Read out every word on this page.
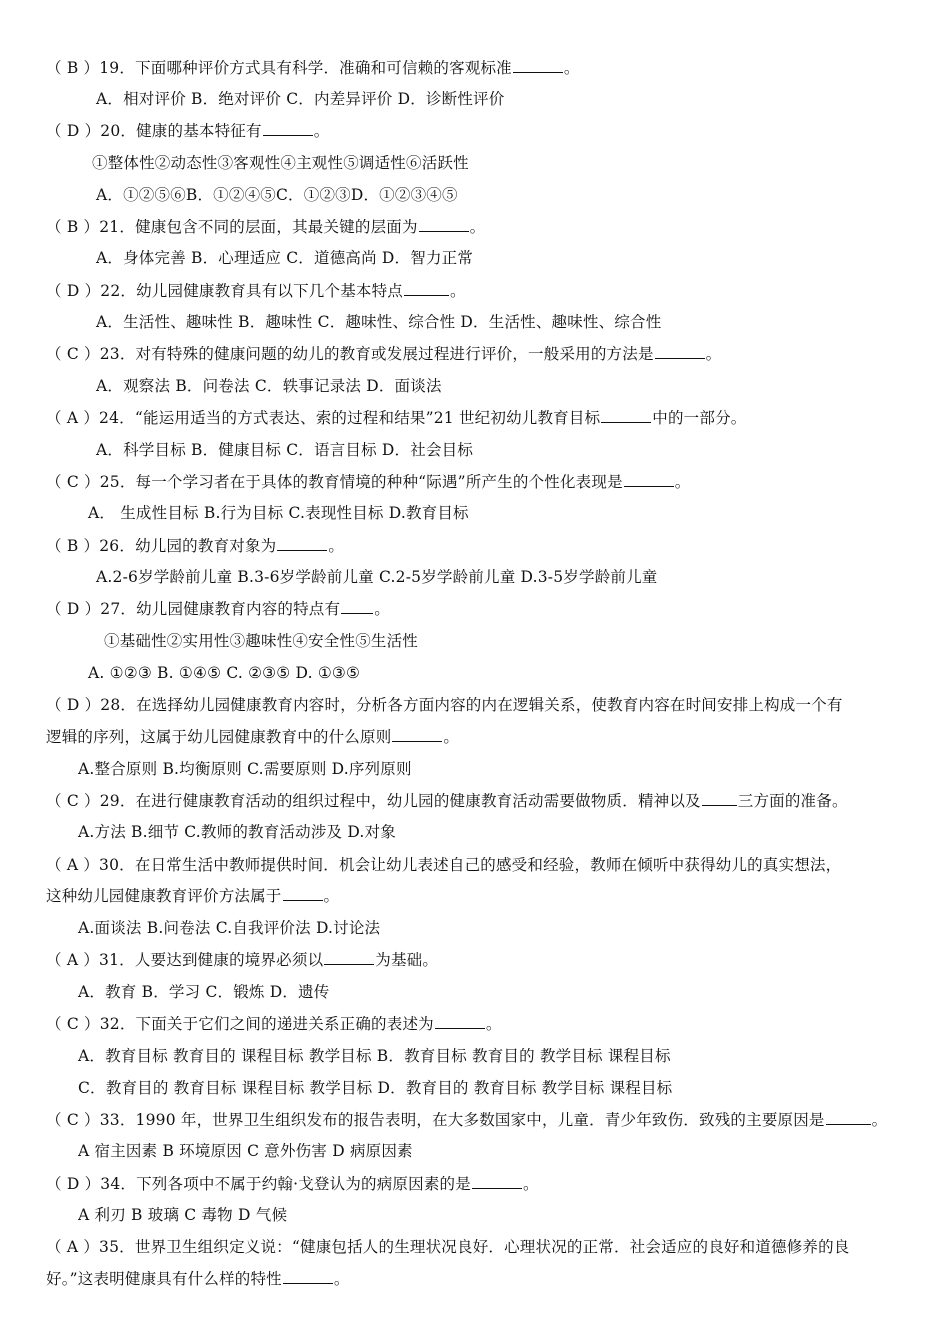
（ B ）19．下面哪种评价方式具有科学．准确和可信赖的客观标准	。
A．相对评价 B．绝对评价 C．内差异评价 D．诊断性评价
（ D ）20．健康的基本特征有	。
①整体性②动态性③客观性④主观性⑤调适性⑥活跃性
A．①②⑤⑥B．①②④⑤C．①②③D．①②③④⑤
（ B ）21．健康包含不同的层面，其最关键的层面为	。
A．身体完善 B．心理适应 C．道德高尚 D．智力正常
（ D ）22．幼儿园健康教育具有以下几个基本特点	。
A．生活性、趣味性 B．趣味性 C．趣味性、综合性 D．生活性、趣味性、综合性
（ C ）23．对有特殊的健康问题的幼儿的教育或发展过程进行评价，一般采用的方法是	。
A．观察法 B．问卷法 C．轶事记录法 D．面谈法
（ A ）24．“能运用适当的方式表达、索的过程和结果”21 世纪初幼儿教育目标	中的一部分。
A．科学目标 B．健康目标 C．语言目标 D．社会目标
（ C ）25．每一个学习者在于具体的教育情境的种种“际遇”所产生的个性化表现是	。
A． 生成性目标 B.行为目标 C.表现性目标 D.教育目标
（ B ）26．幼儿园的教育对象为	。
A.2-6岁学龄前儿童 B.3-6岁学龄前儿童 C.2-5岁学龄前儿童 D.3-5岁学龄前儿童
（ D ）27．幼儿园健康教育内容的特点有 。
①基础性②实用性③趣味性④安全性⑤生活性
A. ①②③ B. ①④⑤ C. ②③⑤ D. ①③⑤
（ D ）28．在选择幼儿园健康教育内容时，分析各方面内容的内在逻辑关系，使教育内容在时间安排上构成一个有
逻辑的序列，这属于幼儿园健康教育中的什么原则	。
A.整合原则 B.均衡原则 C.需要原则 D.序列原则
（ C ）29．在进行健康教育活动的组织过程中，幼儿园的健康教育活动需要做物质．精神以及 三方面的准备。
A.方法 B.细节 C.教师的教育活动涉及 D.对象
（ A ）30．在日常生活中教师提供时间．机会让幼儿表述自己的感受和经验，教师在倾听中获得幼儿的真实想法，
这种幼儿园健康教育评价方法属于	。
A.面谈法 B.问卷法 C.自我评价法 D.讨论法
（ A ）31．人要达到健康的境界必须以	为基础。
A．教育 B．学习 C．锻炼 D．遗传
（ C ）32．下面关于它们之间的递进关系正确的表述为	。
A．教育目标 教育目的 课程目标 教学目标 B．教育目标 教育目的 教学目标 课程目标
C．教育目的 教育目标 课程目标 教学目标 D．教育目的 教育目标 教学目标 课程目标
（ C ）33．1990 年，世界卫生组织发布的报告表明，在大多数国家中，儿童．青少年致伤．致残的主要原因是	。
A 宿主因素 B 环境原因 C 意外伤害 D 病原因素
（ D ）34．下列各项中不属于约翰·戈登认为的病原因素的是	。
A 利刃 B 玻璃 C 毒物 D 气候
（ A ）35．世界卫生组织定义说：“健康包括人的生理状况良好．心理状况的正常．社会适应的良好和道德修养的良
好。”这表明健康具有什么样的特性	。
